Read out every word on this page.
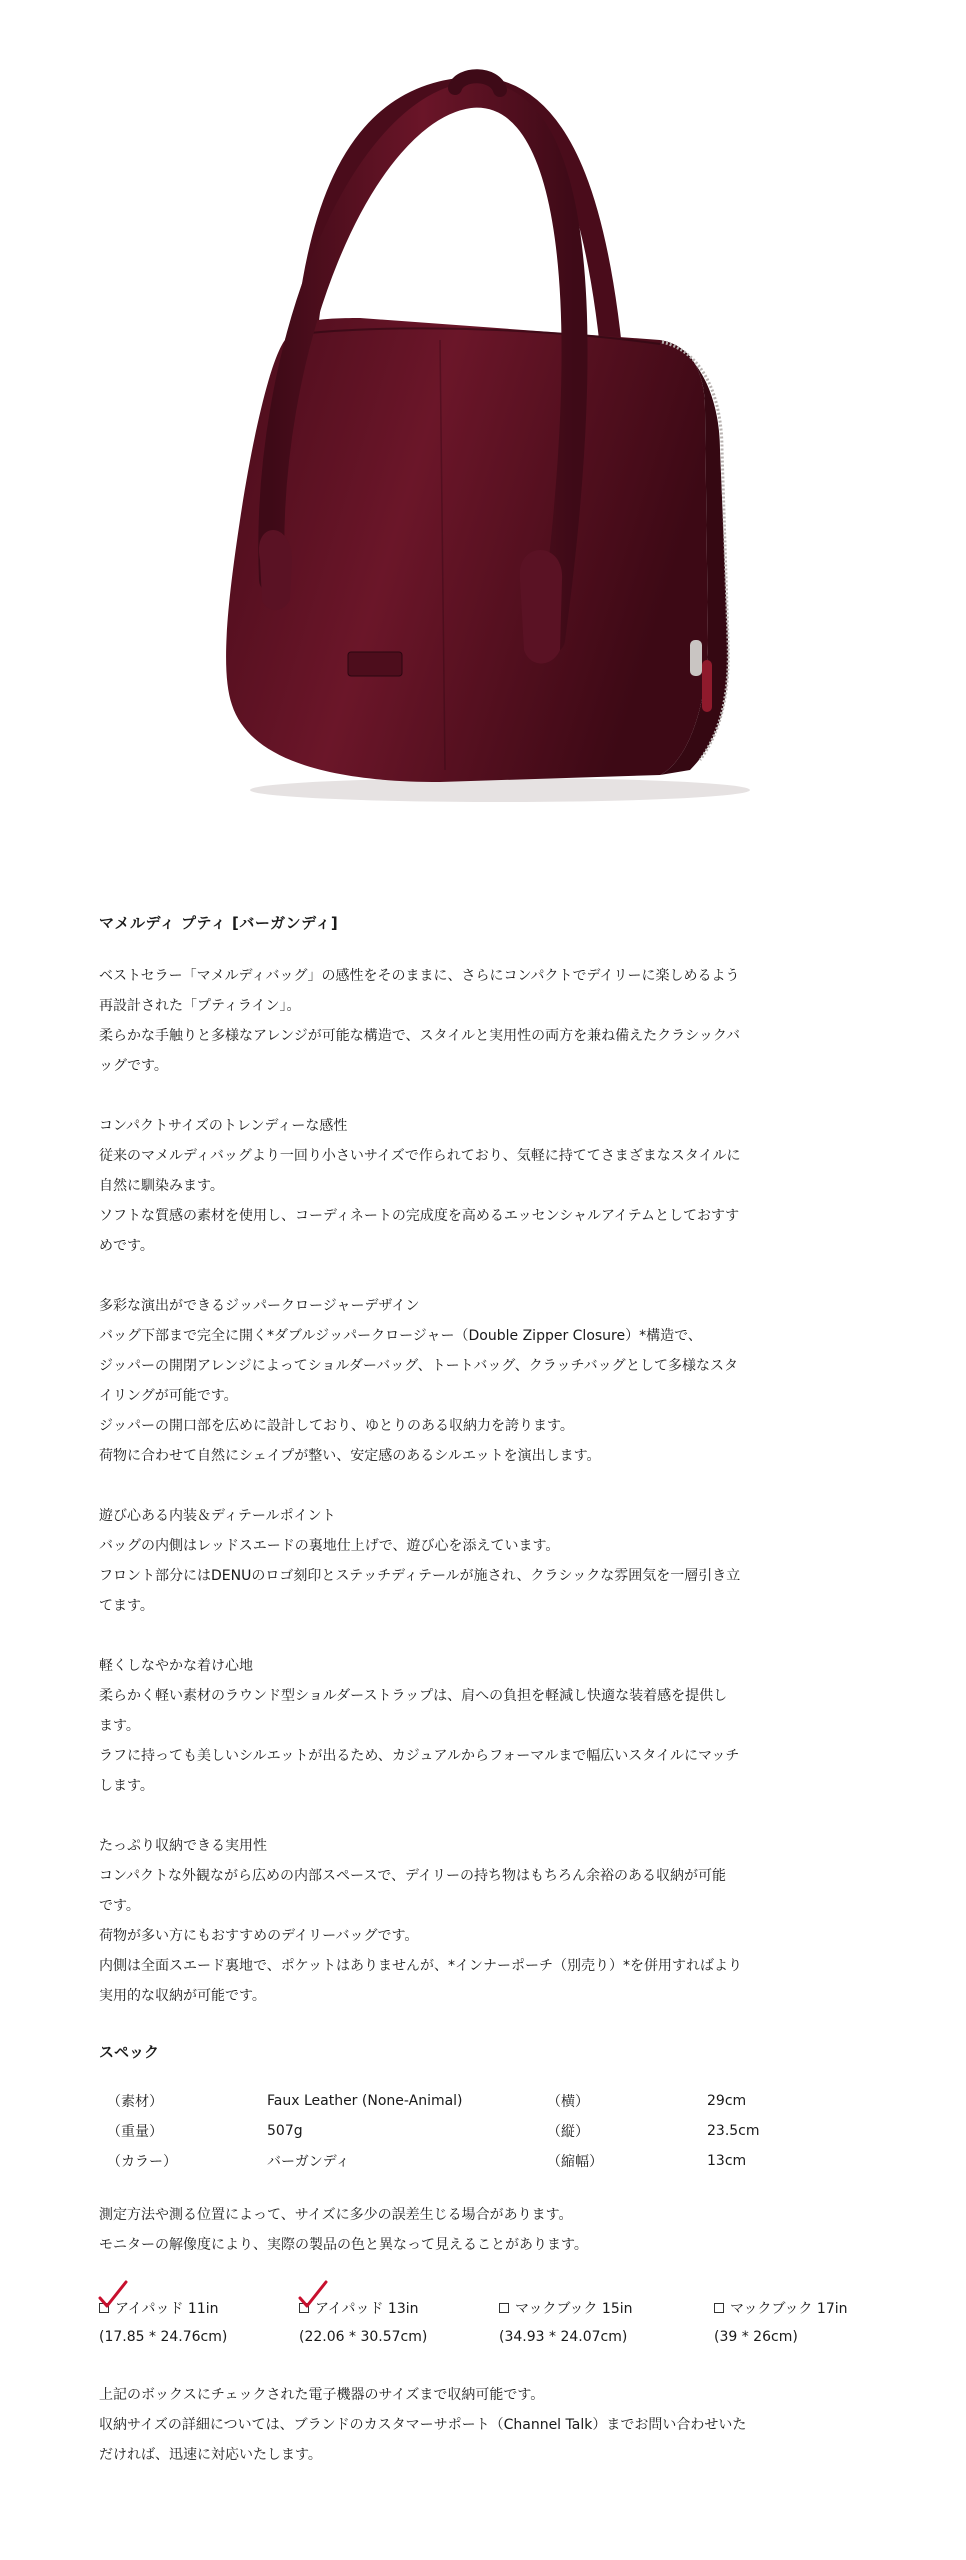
マメルディ プティ [バーガンディ]

ベストセラー「マメルディバッグ」の感性をそのままに、さらにコンパクトでデイリーに楽しめるよう

再設計された「プティライン」。

柔らかな手触りと多様なアレンジが可能な構造で、スタイルと実用性の両方を兼ね備えたクラシックバ

ッグです。

コンパクトサイズのトレンディーな感性

従来のマメルディバッグより一回り小さいサイズで作られており、気軽に持ててさまざまなスタイルに

自然に馴染みます。

ソフトな質感の素材を使用し、コーディネートの完成度を高めるエッセンシャルアイテムとしておすす

めです。

多彩な演出ができるジッパークロージャーデザイン

バッグ下部まで完全に開く*ダブルジッパークロージャー（Double Zipper Closure）*構造で、

ジッパーの開閉アレンジによってショルダーバッグ、トートバッグ、クラッチバッグとして多様なスタ

イリングが可能です。

ジッパーの開口部を広めに設計しており、ゆとりのある収納力を誇ります。

荷物に合わせて自然にシェイプが整い、安定感のあるシルエットを演出します。

遊び心ある内装＆ディテールポイント

バッグの内側はレッドスエードの裏地仕上げで、遊び心を添えています。

フロント部分にはDENUのロゴ刻印とステッチディテールが施され、クラシックな雰囲気を一層引き立

てます。

軽くしなやかな着け心地

柔らかく軽い素材のラウンド型ショルダーストラップは、肩への負担を軽減し快適な装着感を提供し

ます。

ラフに持っても美しいシルエットが出るため、カジュアルからフォーマルまで幅広いスタイルにマッチ

します。

たっぷり収納できる実用性

コンパクトな外観ながら広めの内部スペースで、デイリーの持ち物はもちろん余裕のある収納が可能

です。

荷物が多い方にもおすすめのデイリーバッグです。

内側は全面スエード裏地で、ポケットはありませんが、*インナーポーチ（別売り）*を併用すればより

実用的な収納が可能です。

スペック
（素材）	Faux Leather (None-Animal)	（横）	29cm
（重量）	507g	（縦）	23.5cm
（カラー）	バーガンディ	（縮幅）	13cm

測定方法や測る位置によって、サイズに多少の誤差生じる場合があります。

モニターの解像度により、実際の製品の色と異なって見えることがあります。

アイパッド 11in
(17.85 * 24.76cm)
アイパッド 13in
(22.06 * 30.57cm)
マックブック 15in
(34.93 * 24.07cm)
マックブック 17in
(39 * 26cm)

上記のボックスにチェックされた電子機器のサイズまで収納可能です。

収納サイズの詳細については、ブランドのカスタマーサポート（Channel Talk）までお問い合わせいた

だければ、迅速に対応いたします。
